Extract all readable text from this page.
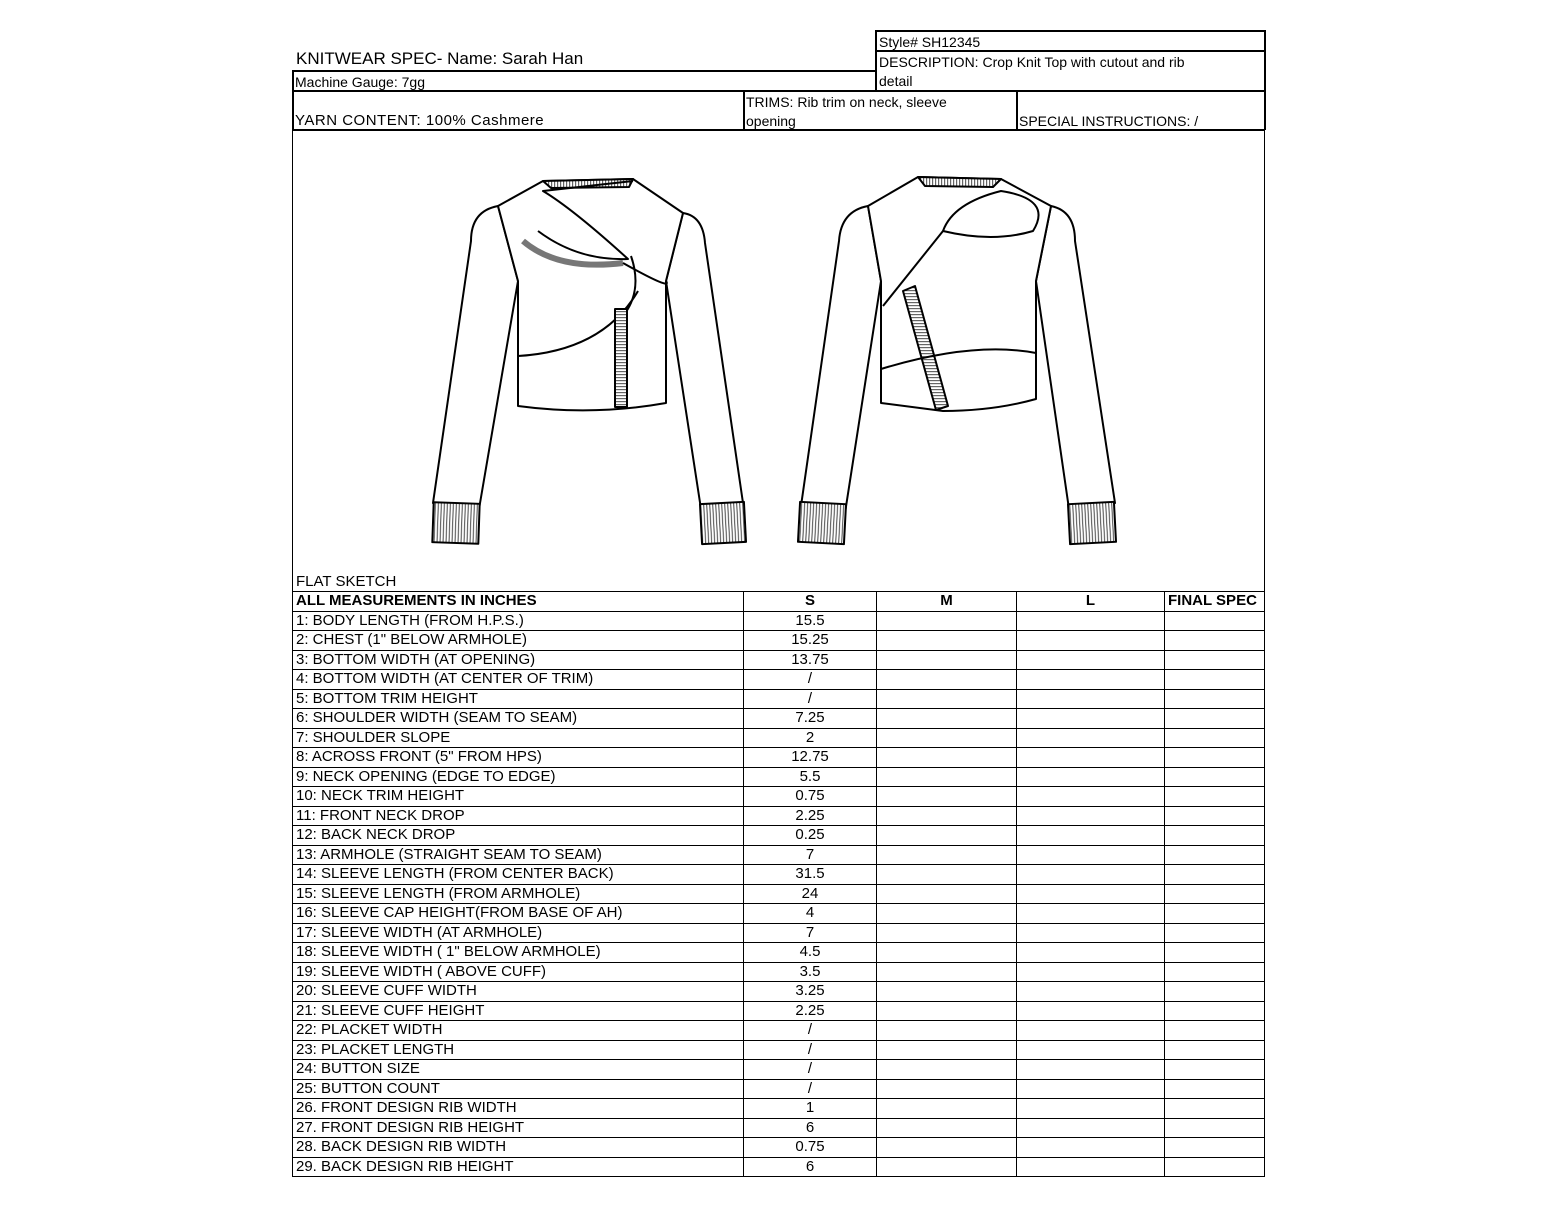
KNITWEAR SPEC- Name: Sarah Han
Machine Gauge: 7gg
YARN CONTENT: 100% Cashmere
Style# SH12345
DESCRIPTION: Crop Knit Top with cutout and rib
detail
TRIMS: Rib trim on neck, sleeve
opening	SPECIAL INSTRUCTIONS: /
FLAT SKETCH
ALL MEASUREMENTS IN INCHES	S	M	L	FINAL SPEC
1: BODY LENGTH (FROM H.P.S.)	15.5			
2: CHEST (1" BELOW ARMHOLE)	15.25			
3: BOTTOM WIDTH (AT OPENING)	13.75			
4: BOTTOM WIDTH (AT CENTER OF TRIM)	/			
5: BOTTOM TRIM HEIGHT	/			
6: SHOULDER WIDTH (SEAM TO SEAM)	7.25			
7: SHOULDER SLOPE	2			
8: ACROSS FRONT (5" FROM HPS)	12.75			
9: NECK OPENING (EDGE TO EDGE)	5.5			
10: NECK TRIM HEIGHT	0.75			
11: FRONT NECK DROP	2.25			
12: BACK NECK DROP	0.25			
13: ARMHOLE (STRAIGHT SEAM TO SEAM)	7			
14: SLEEVE LENGTH (FROM CENTER BACK)	31.5			
15: SLEEVE LENGTH (FROM ARMHOLE)	24			
16: SLEEVE CAP HEIGHT(FROM BASE OF AH)	4			
17: SLEEVE WIDTH (AT ARMHOLE)	7			
18: SLEEVE WIDTH ( 1" BELOW ARMHOLE)	4.5			
19: SLEEVE WIDTH ( ABOVE CUFF)	3.5			
20: SLEEVE CUFF WIDTH	3.25			
21: SLEEVE CUFF HEIGHT	2.25			
22: PLACKET WIDTH	/			
23: PLACKET LENGTH	/			
24: BUTTON SIZE	/			
25: BUTTON COUNT	/			
26. FRONT DESIGN RIB WIDTH	1			
27. FRONT DESIGN RIB HEIGHT	6			
28. BACK DESIGN RIB WIDTH	0.75			
29. BACK DESIGN RIB HEIGHT	6			
